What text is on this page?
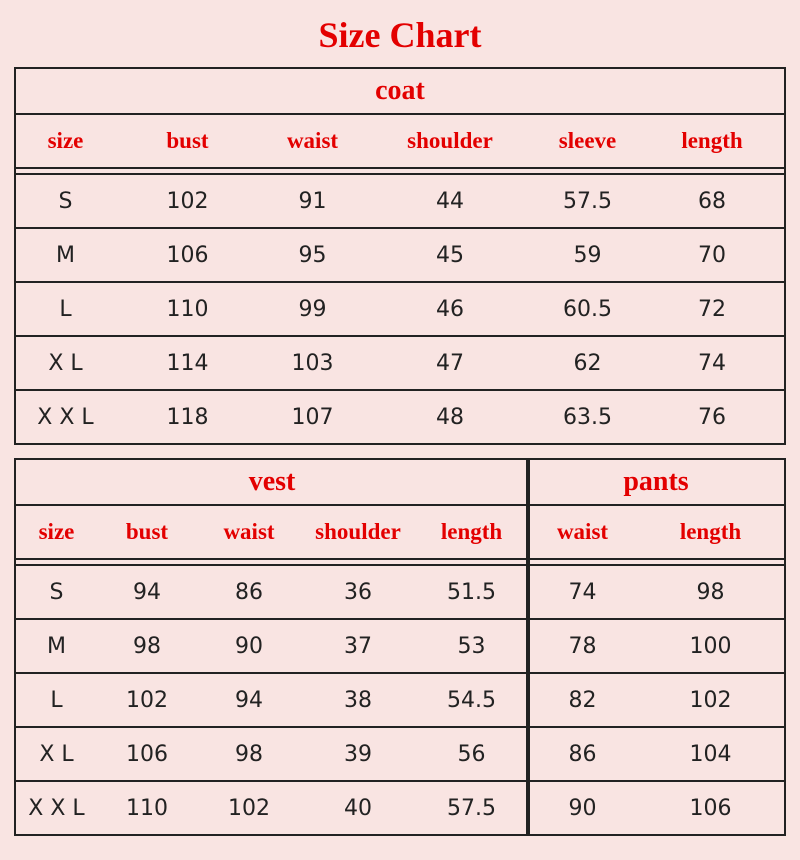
Size Chart
coat					
size	bust	waist	shoulder	sleeve	length

S	102	91	44	57.5	68
M	106	95	45	59	70
L	110	99	46	60.5	72
X L	114	103	47	62	74
X X L	118	107	48	63.5	76
vest				
size	bust	waist	shoulder	length

S	94	86	36	51.5
M	98	90	37	53
L	102	94	38	54.5
X L	106	98	39	56
X X L	110	102	40	57.5
pants	
waist	length

74	98
78	100
82	102
86	104
90	106
